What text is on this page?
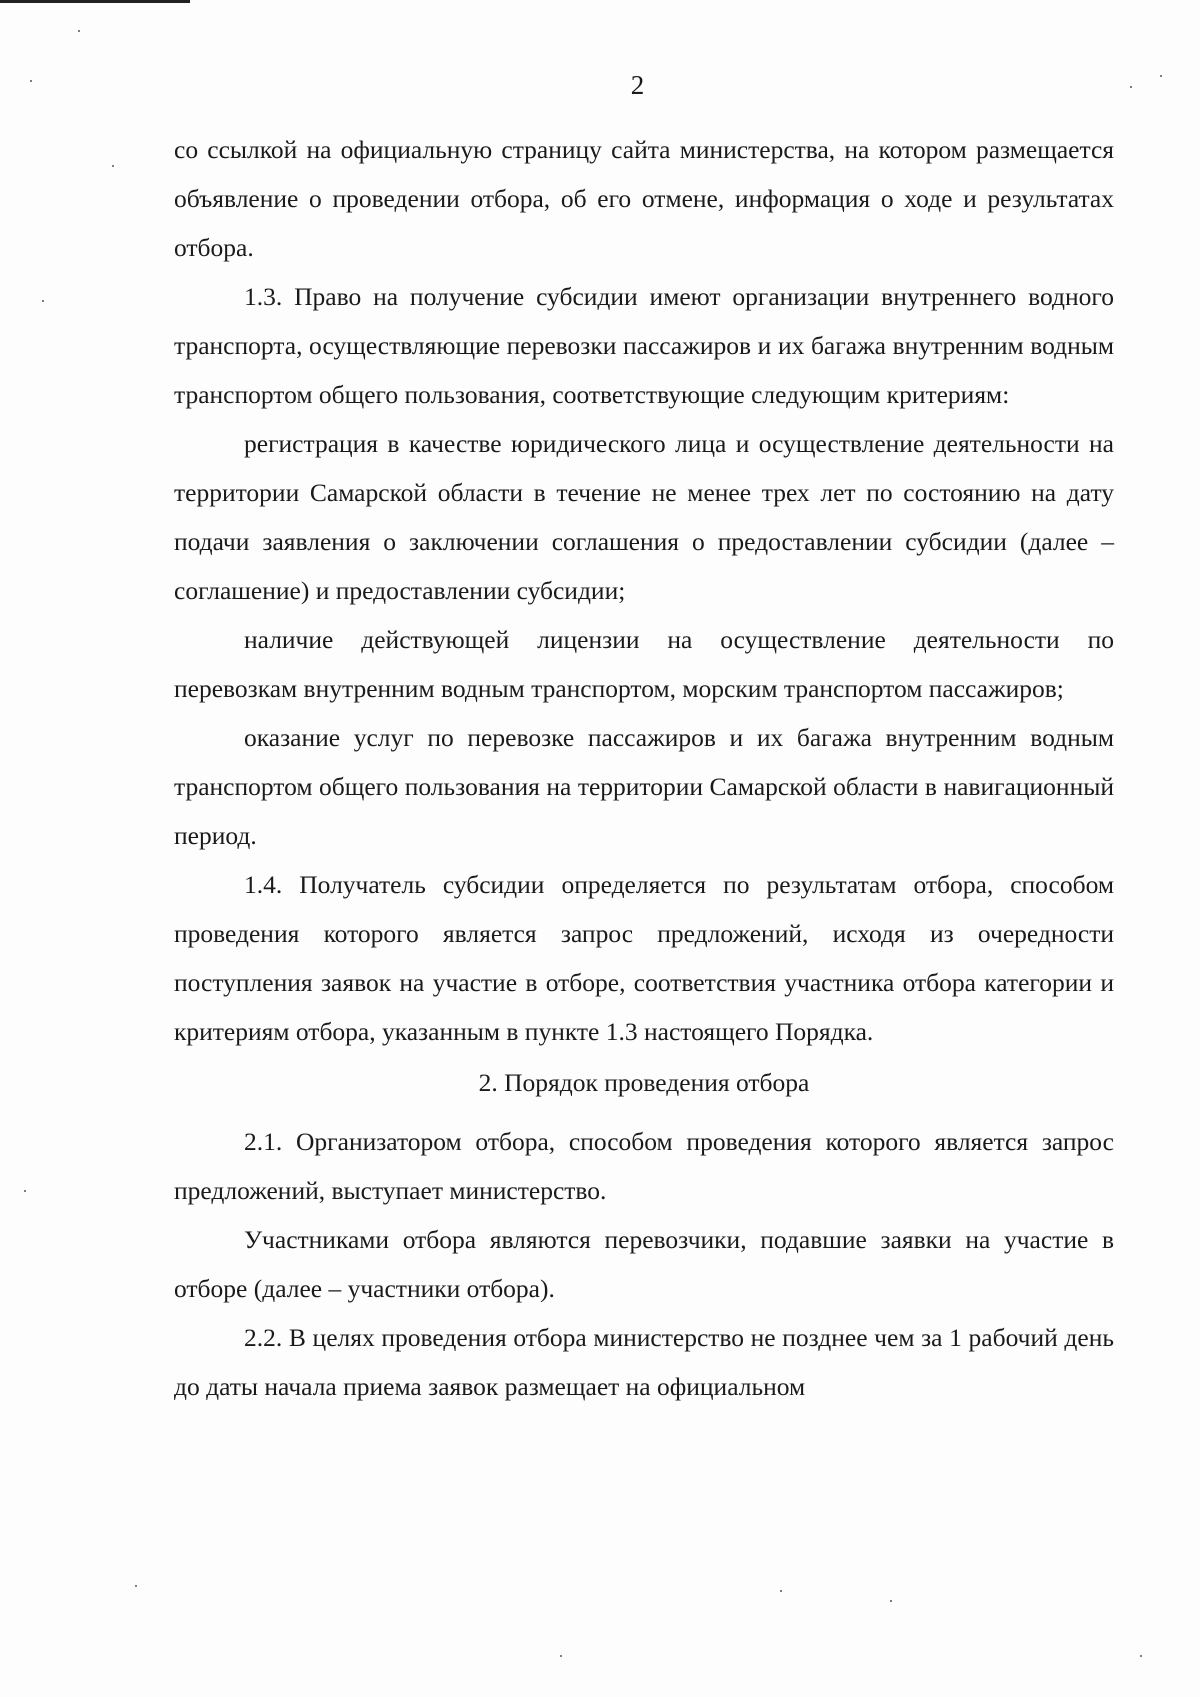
2

со ссылкой на официальную страницу сайта министерства, на котором размещается объявление о проведении отбора, об его отмене, информация о ходе и результатах отбора.

1.3. Право на получение субсидии имеют организации внутреннего водного транспорта, осуществляющие перевозки пассажиров и их багажа внутренним водным транспортом общего пользования, соответствующие следующим критериям:

регистрация в качестве юридического лица и осуществление деятельности на территории Самарской области в течение не менее трех лет по состоянию на дату подачи заявления о заключении соглашения о предоставлении субсидии (далее – соглашение) и предоставлении субсидии;

наличие действующей лицензии на осуществление деятельности по перевозкам внутренним водным транспортом, морским транспортом пассажиров;

оказание услуг по перевозке пассажиров и их багажа внутренним водным транспортом общего пользования на территории Самарской области в навигационный период.

1.4. Получатель субсидии определяется по результатам отбора, способом проведения которого является запрос предложений, исходя из очередности поступления заявок на участие в отборе, соответствия участника отбора категории и критериям отбора, указанным в пункте 1.3 настоящего Порядка.

2. Порядок проведения отбора

2.1. Организатором отбора, способом проведения которого является запрос предложений, выступает министерство.

Участниками отбора являются перевозчики, подавшие заявки на участие в отборе (далее – участники отбора).

2.2. В целях проведения отбора министерство не позднее чем за 1 рабочий день до даты начала приема заявок размещает на официальном
